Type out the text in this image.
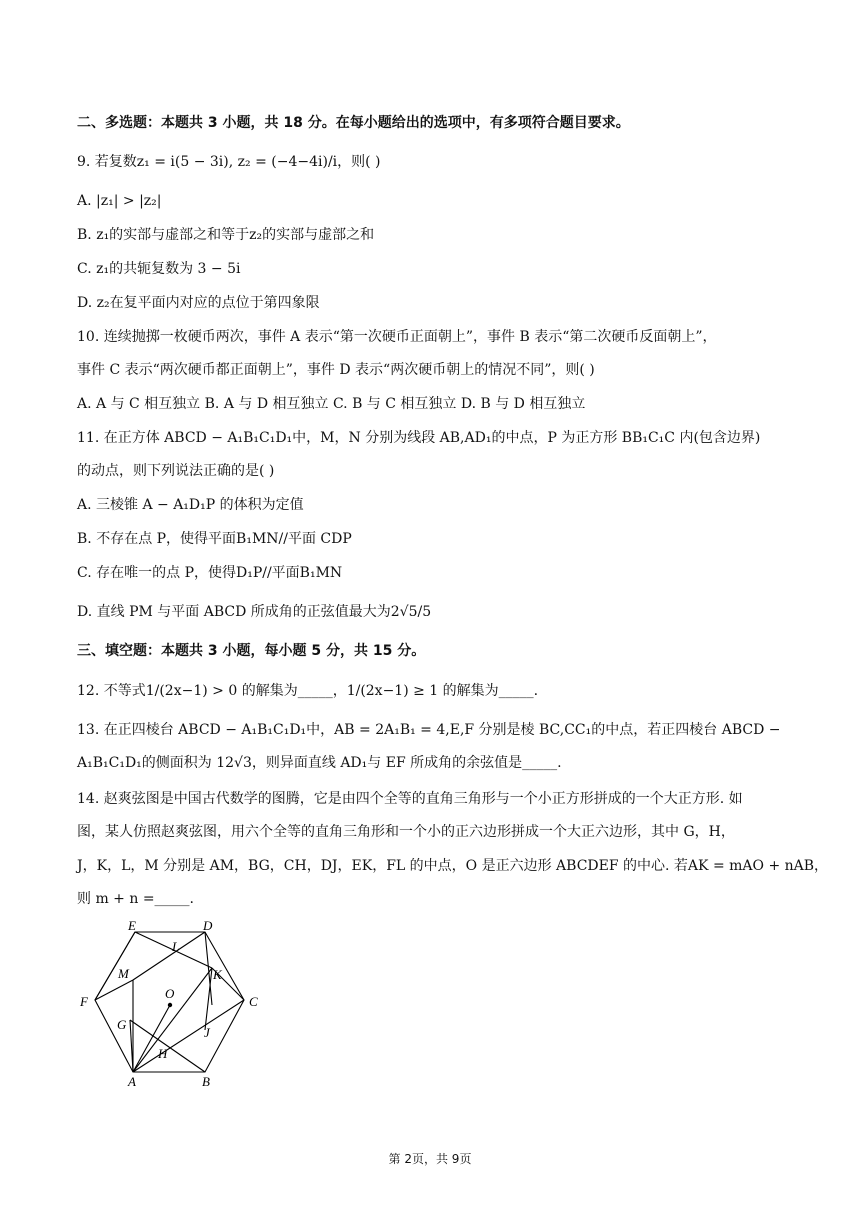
二、多选题：本题共 3 小题，共 18 分。在每小题给出的选项中，有多项符合题目要求。
9. 若复数z₁ = i(5 − 3i), z₂ = (−4−4i)/i，则( )
A. |z₁| > |z₂|
B. z₁的实部与虚部之和等于z₂的实部与虚部之和
C. z₁的共轭复数为 3 − 5i
D. z₂在复平面内对应的点位于第四象限
10. 连续抛掷一枚硬币两次，事件 A 表示“第一次硬币正面朝上”，事件 B 表示“第二次硬币反面朝上”，
事件 C 表示“两次硬币都正面朝上”，事件 D 表示“两次硬币朝上的情况不同”，则( )
A. A 与 C 相互独立 B. A 与 D 相互独立 C. B 与 C 相互独立 D. B 与 D 相互独立
11. 在正方体 ABCD − A₁B₁C₁D₁中，M，N 分别为线段 AB,AD₁的中点，P 为正方形 BB₁C₁C 内(包含边界)
的动点，则下列说法正确的是( )
A. 三棱锥 A − A₁D₁P 的体积为定值
B. 不存在点 P，使得平面B₁MN//平面 CDP
C. 存在唯一的点 P，使得D₁P//平面B₁MN
D. 直线 PM 与平面 ABCD 所成角的正弦值最大为2√5/5
三、填空题：本题共 3 小题，每小题 5 分，共 15 分。
12. 不等式1/(2x−1) > 0 的解集为_____，1/(2x−1) ≥ 1 的解集为_____.
13. 在正四棱台 ABCD − A₁B₁C₁D₁中，AB = 2A₁B₁ = 4,E,F 分别是棱 BC,CC₁的中点，若正四棱台 ABCD −
A₁B₁C₁D₁的侧面积为 12√3，则异面直线 AD₁与 EF 所成角的余弦值是_____.
14. 赵爽弦图是中国古代数学的图腾，它是由四个全等的直角三角形与一个小正方形拼成的一个大正方形. 如
图，某人仿照赵爽弦图，用六个全等的直角三角形和一个小的正六边形拼成一个大正六边形，其中 G，H，
J，K，L，M 分别是 AM，BG，CH，DJ，EK，FL 的中点，O 是正六边形 ABCDEF 的中心. 若AK = mAO + nAB，
则 m + n =_____.
A	B
C
D
E
F
G
H
J
K
L
M
O
第 2页，共 9页
